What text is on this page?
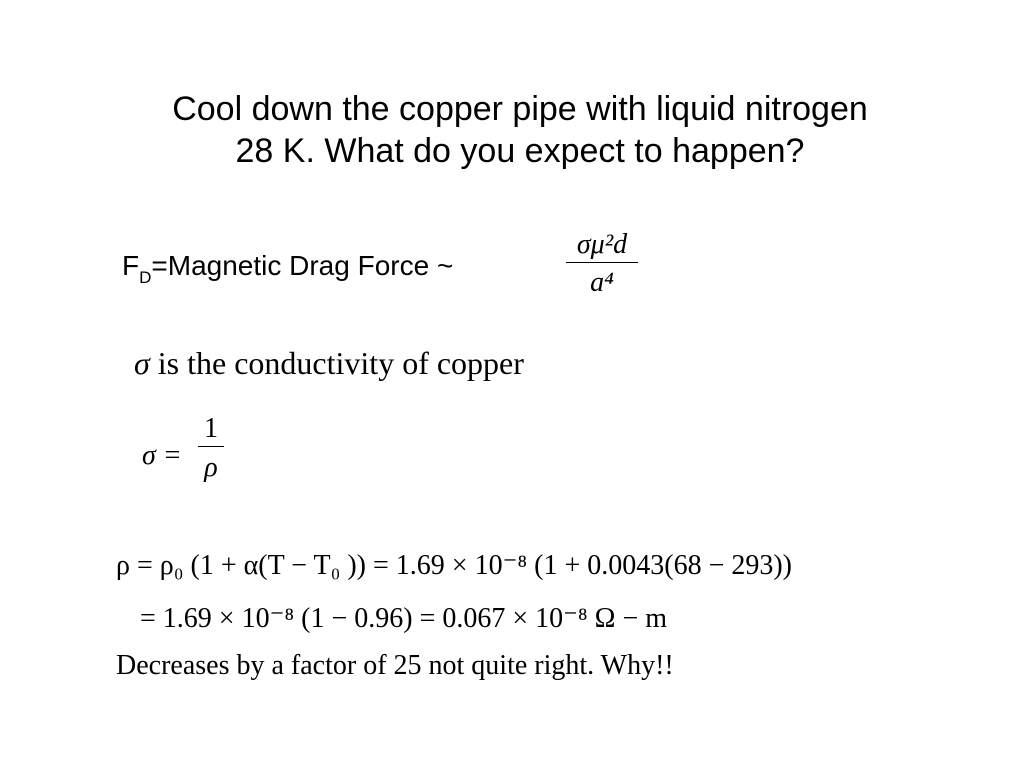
Cool down the copper pipe with liquid nitrogen
28 K. What do you expect to happen?
$F_D=Magnetic$ Drag Force ~
σμ²d
a⁴
σ is the conductivity of copper
σ =
1
ρ
ρ = ρ₀ (1 + α(T − T₀ )) = 1.69 × 10⁻⁸ (1 + 0.0043(68 − 293))
= 1.69 × 10⁻⁸ (1 − 0.96) = 0.067 × 10⁻⁸ Ω − m
Decreases by a factor of 25 not quite right. Why!!
